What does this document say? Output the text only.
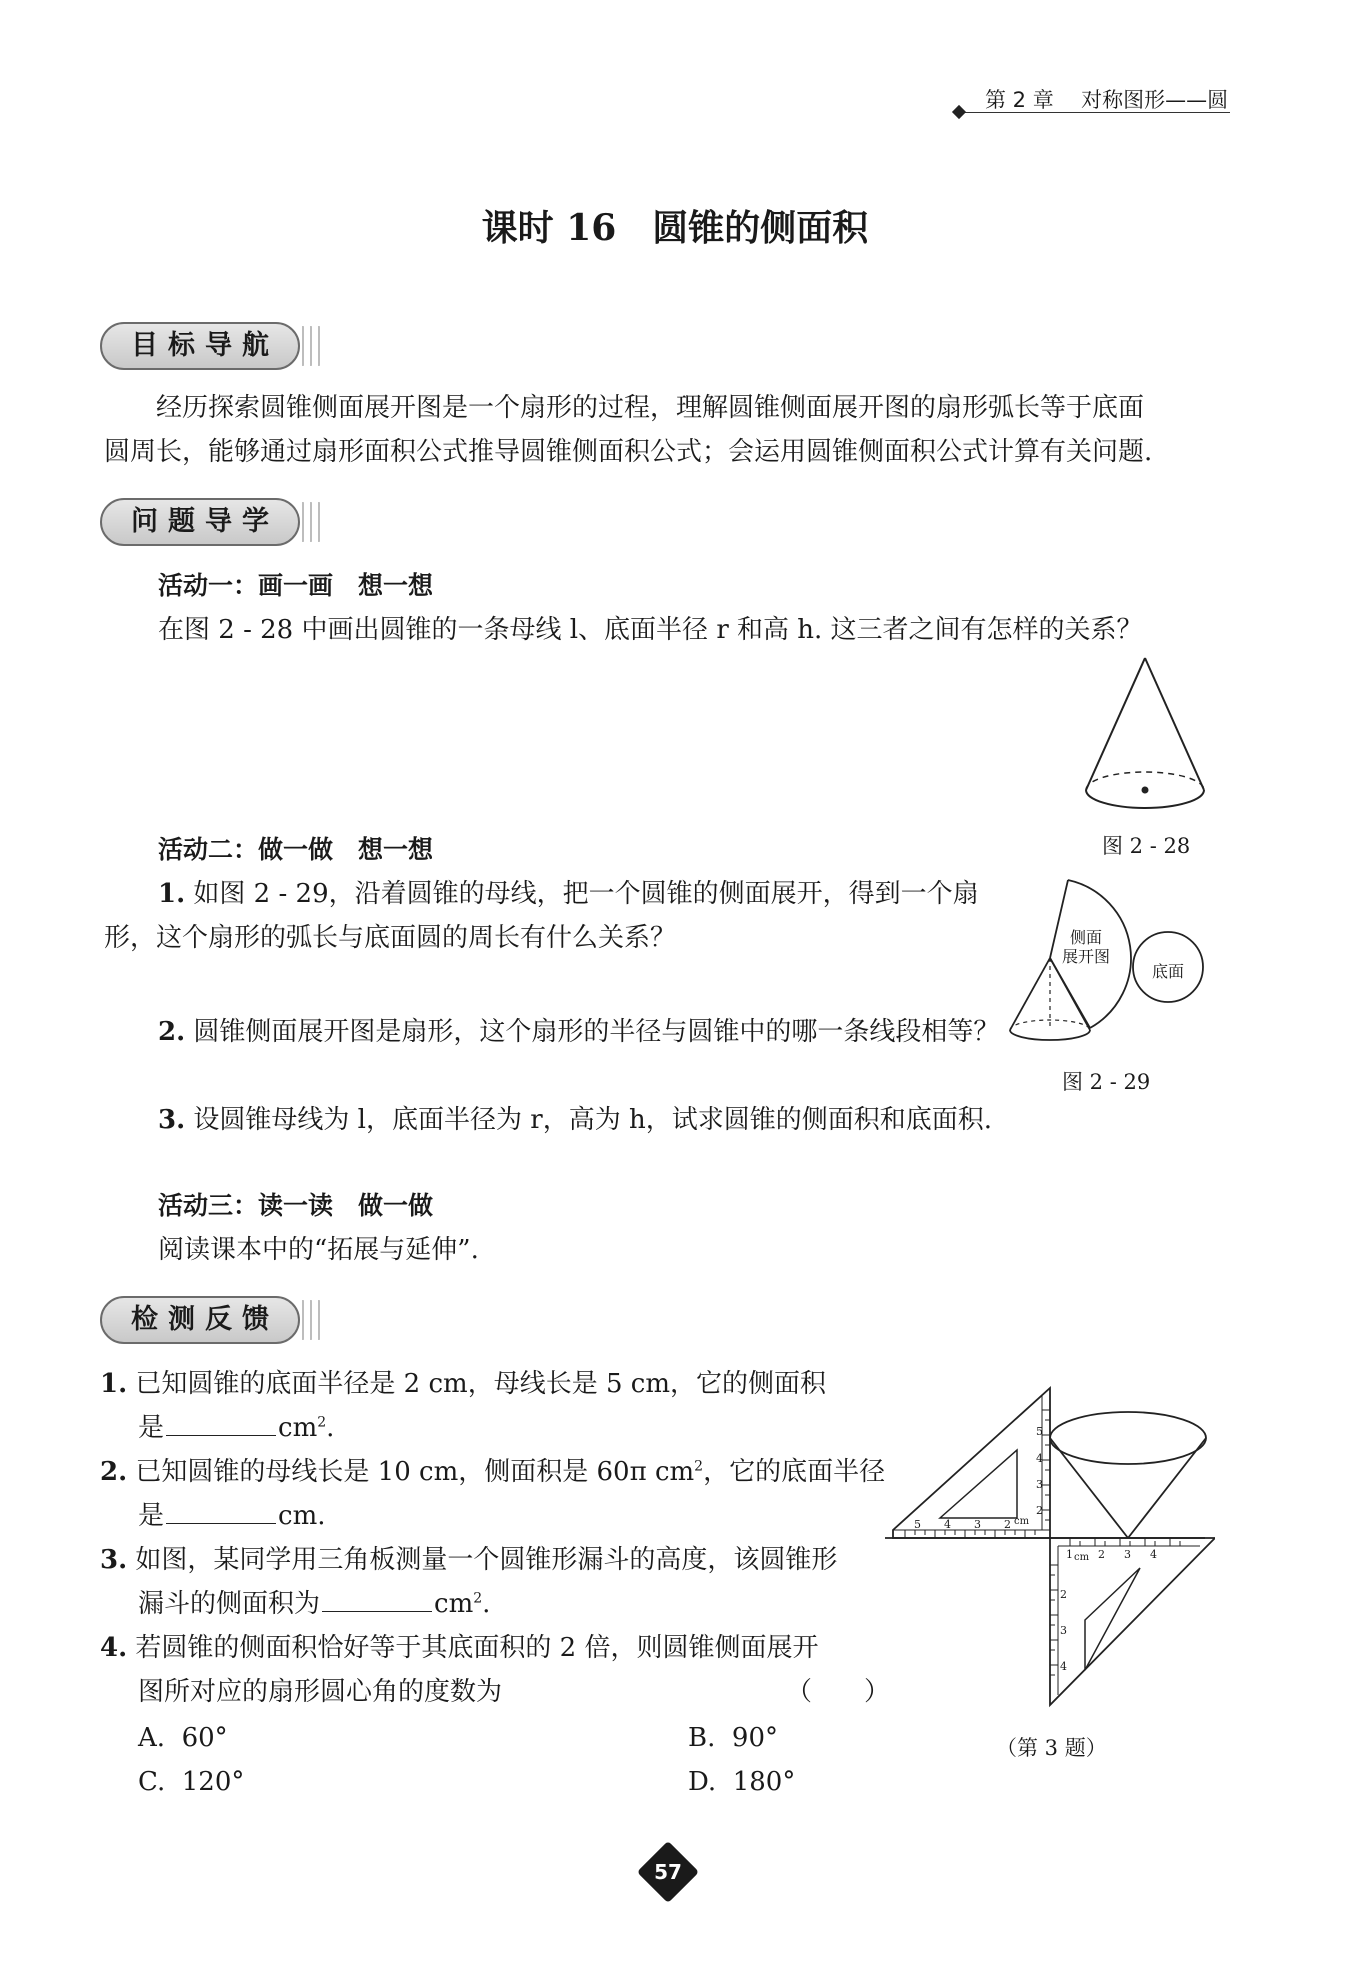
第 2 章 对称图形——圆
课时 16　圆锥的侧面积
目标导航
经历探索圆锥侧面展开图是一个扇形的过程，理解圆锥侧面展开图的扇形弧长等于底面
圆周长，能够通过扇形面积公式推导圆锥侧面积公式；会运用圆锥侧面积公式计算有关问题.
问题导学
活动一：画一画　想一想
在图 2 - 28 中画出圆锥的一条母线 l、底面半径 r 和高 h. 这三者之间有怎样的关系？
图 2 - 28
活动二：做一做　想一想
1. 如图 2 - 29，沿着圆锥的母线，把一个圆锥的侧面展开，得到一个扇
形，这个扇形的弧长与底面圆的周长有什么关系？	侧面
展开图
底面
图 2 - 29
2. 圆锥侧面展开图是扇形，这个扇形的半径与圆锥中的哪一条线段相等？
3. 设圆锥母线为 l，底面半径为 r，高为 h，试求圆锥的侧面积和底面积.
活动三：读一读　做一做
阅读课本中的“拓展与延伸”.
检测反馈
1. 已知圆锥的底面半径是 2 cm，母线长是 5 cm，它的侧面积
是	$cm^2$.
2. 已知圆锥的母线长是 10 cm，侧面积是 60π $cm^2$，它的底面半径
是	cm.
3. 如图，某同学用三角板测量一个圆锥形漏斗的高度，该圆锥形
漏斗的侧面积为	$cm^2$.
4. 若圆锥的侧面积恰好等于其底面积的 2 倍，则圆锥侧面展开
图所对应的扇形圆心角的度数为	（　　）
A.  60°	B.  90°
C.  120°	D.  180°
5 4 3 2 cm
5
4
3
2
1 cm 2 3 4
2
3
4
（第 3 题）
57
